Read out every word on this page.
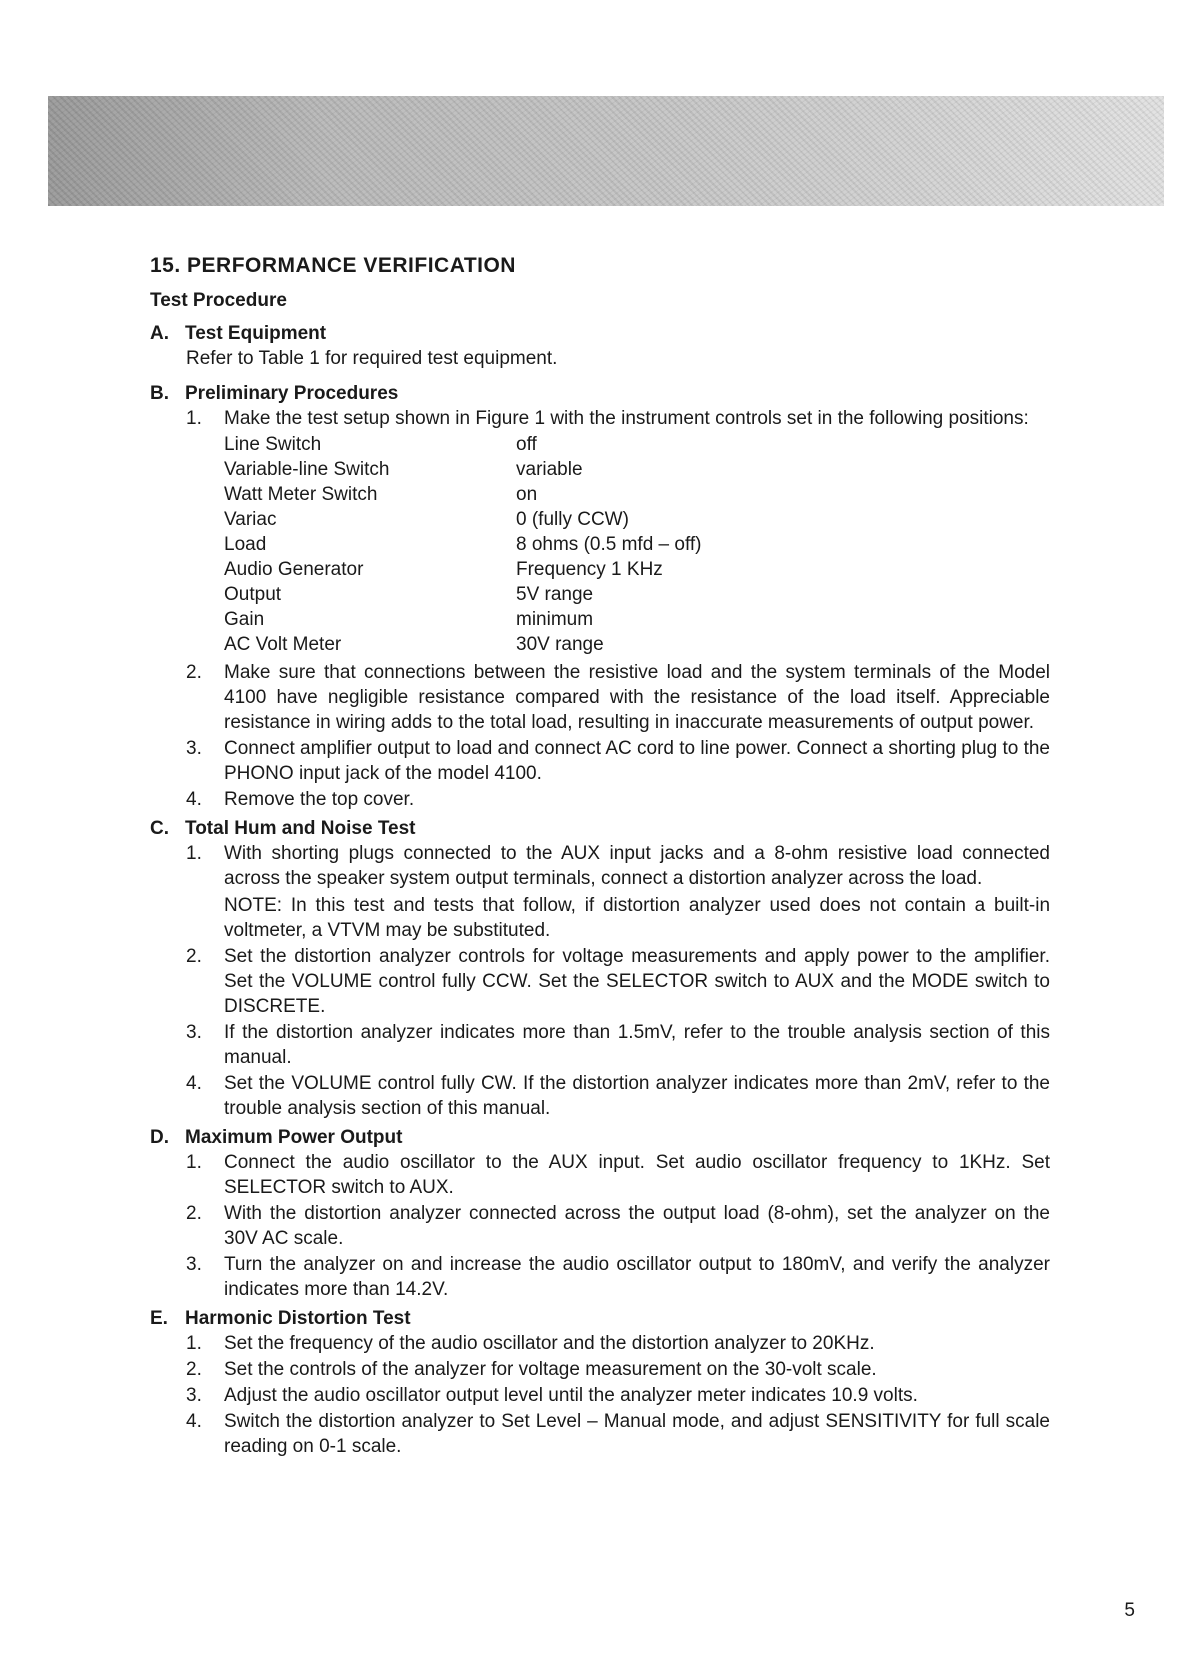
15. PERFORMANCE VERIFICATION
Test Procedure
A. Test Equipment
Refer to Table 1 for required test equipment.
B. Preliminary Procedures
1.	Make the test setup shown in Figure 1 with the instrument controls set in the following positions:
Line Switch	off
Variable-line Switch	variable
Watt Meter Switch	on
Variac	0 (fully CCW)
Load	8 ohms (0.5 mfd – off)
Audio Generator	Frequency 1 KHz
Output	5V range
Gain	minimum
AC Volt Meter	30V range
2.	Make sure that connections between the resistive load and the system terminals of the Model 4100 have negligible resistance compared with the resistance of the load itself. Appreciable resistance in wiring adds to the total load, resulting in inaccurate measurements of output power.
3.	Connect amplifier output to load and connect AC cord to line power. Connect a shorting plug to the PHONO input jack of the model 4100.
4.	Remove the top cover.
C. Total Hum and Noise Test
1.	With shorting plugs connected to the AUX input jacks and a 8-ohm resistive load connected across the speaker system output terminals, connect a distortion analyzer across the load.
NOTE: In this test and tests that follow, if distortion analyzer used does not contain a built-in voltmeter, a VTVM may be substituted.
2.	Set the distortion analyzer controls for voltage measurements and apply power to the amplifier. Set the VOLUME control fully CCW. Set the SELECTOR switch to AUX and the MODE switch to DISCRETE.
3.	If the distortion analyzer indicates more than 1.5mV, refer to the trouble analysis section of this manual.
4.	Set the VOLUME control fully CW. If the distortion analyzer indicates more than 2mV, refer to the trouble analysis section of this manual.
D. Maximum Power Output
1.	Connect the audio oscillator to the AUX input. Set audio oscillator frequency to 1KHz. Set SELECTOR switch to AUX.
2.	With the distortion analyzer connected across the output load (8-ohm), set the analyzer on the 30V AC scale.
3.	Turn the analyzer on and increase the audio oscillator output to 180mV, and verify the analyzer indicates more than 14.2V.
E. Harmonic Distortion Test
1.	Set the frequency of the audio oscillator and the distortion analyzer to 20KHz.
2.	Set the controls of the analyzer for voltage measurement on the 30-volt scale.
3.	Adjust the audio oscillator output level until the analyzer meter indicates 10.9 volts.
4.	Switch the distortion analyzer to Set Level – Manual mode, and adjust SENSITIVITY for full scale reading on 0-1 scale.
5
